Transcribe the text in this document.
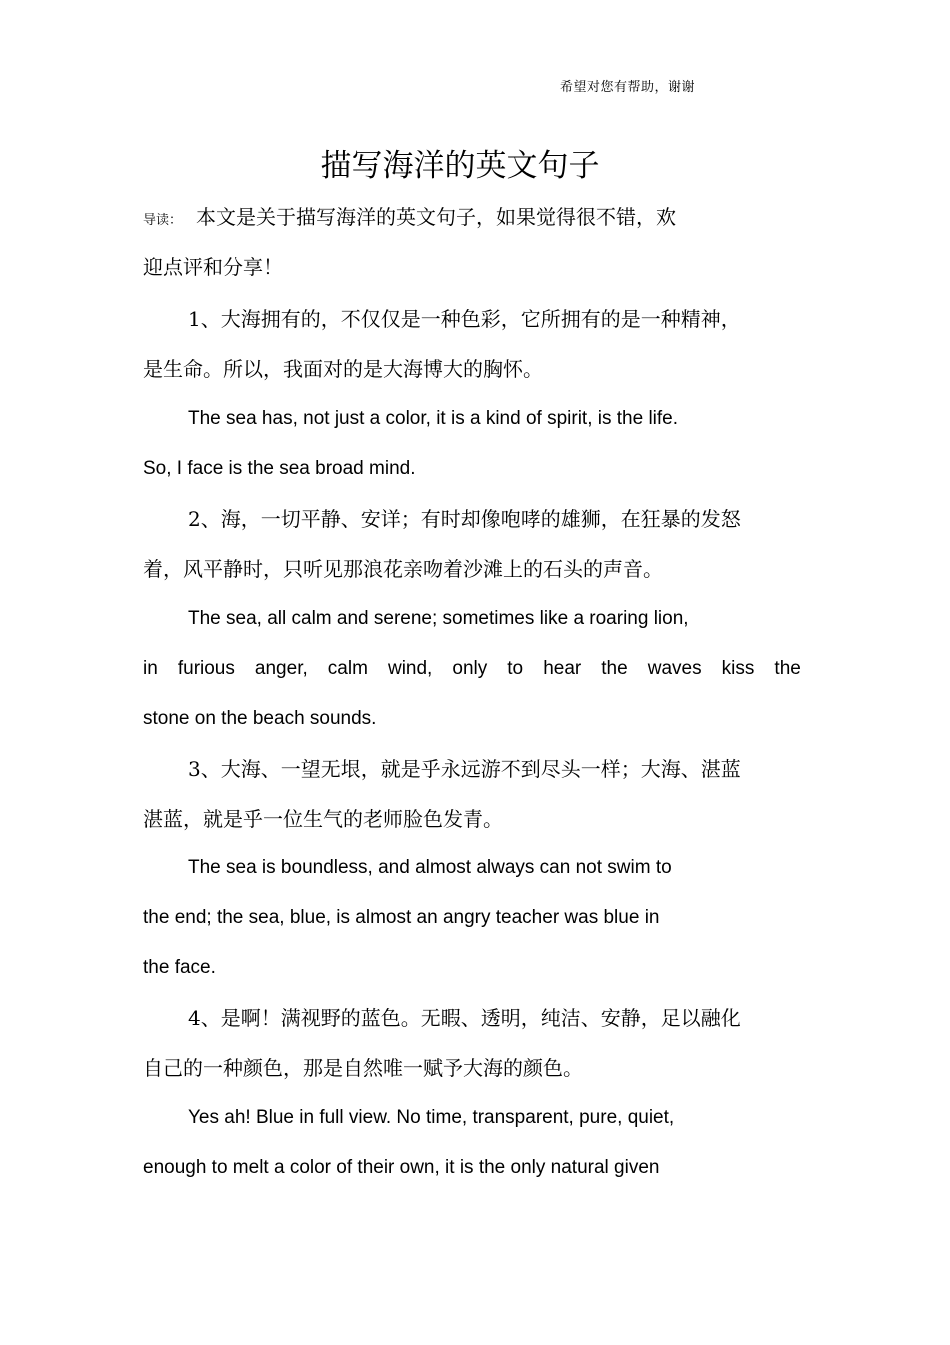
希望对您有帮助，谢谢
描写海洋的英文句子
导读： 本文是关于描写海洋的英文句子，如果觉得很不错，欢
迎点评和分享！
1、大海拥有的，不仅仅是一种色彩，它所拥有的是一种精神，
是生命。所以，我面对的是大海博大的胸怀。
The sea has, not just a color, it is a kind of spirit, is the life.
So, I face is the sea broad mind.
2、海，一切平静、安详；有时却像咆哮的雄狮，在狂暴的发怒
着，风平静时，只听见那浪花亲吻着沙滩上的石头的声音。
The sea, all calm and serene; sometimes like a roaring lion,
in furious anger, calm wind, only to hear the waves kiss the
stone on the beach sounds.
3、大海、一望无垠，就是乎永远游不到尽头一样；大海、湛蓝
湛蓝，就是乎一位生气的老师脸色发青。
The sea is boundless, and almost always can not swim to
the end; the sea, blue, is almost an angry teacher was blue in
the face.
4、是啊！满视野的蓝色。无暇、透明，纯洁、安静，足以融化
自己的一种颜色，那是自然唯一赋予大海的颜色。
Yes ah! Blue in full view. No time, transparent, pure, quiet,
enough to melt a color of their own, it is the only natural given
